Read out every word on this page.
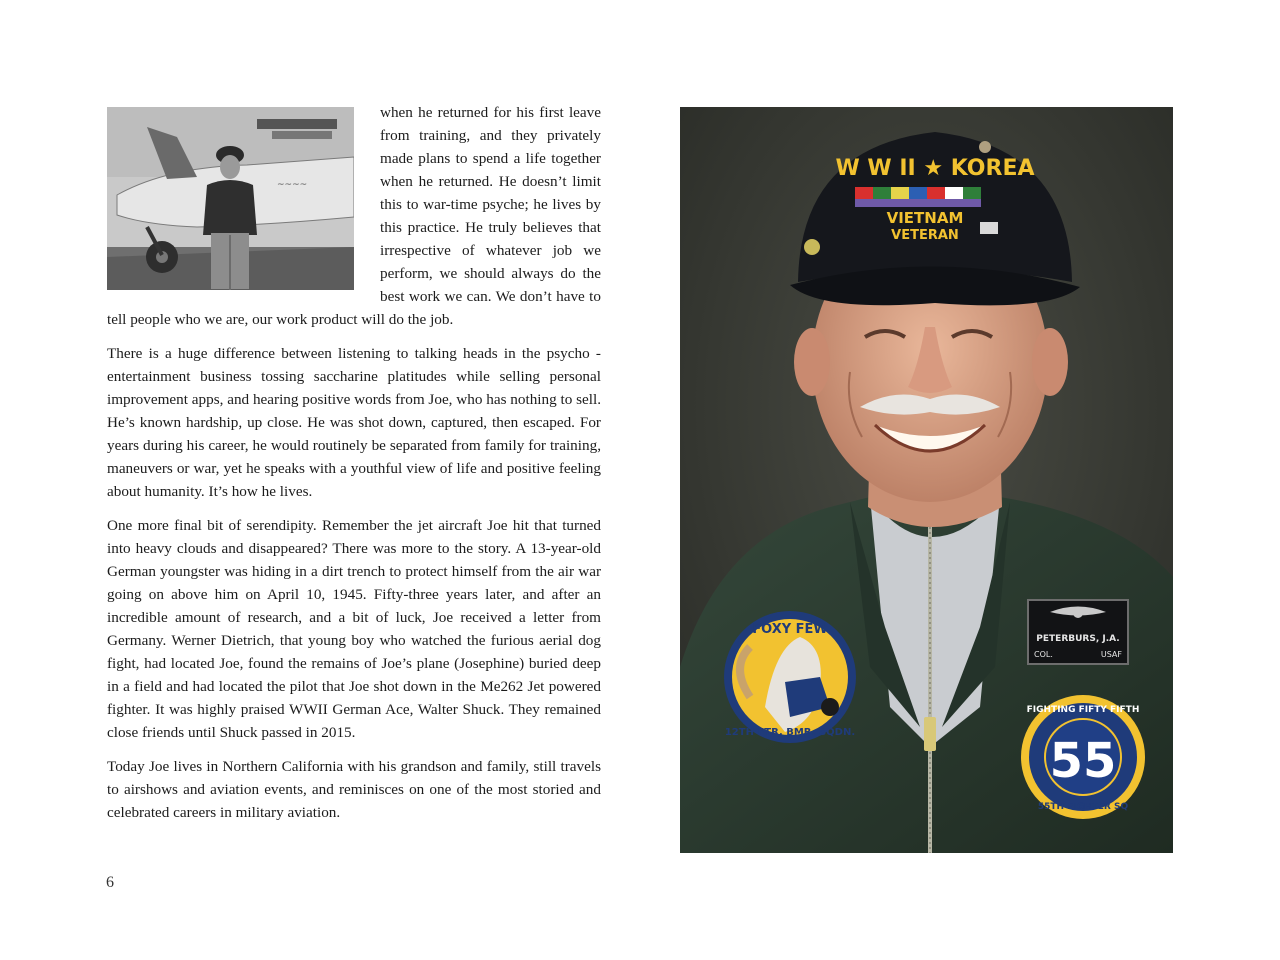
~~~~

when he returned for his first leave from training, and they privately made plans to spend a life together when he returned. He doesn’t limit this to war-time psyche; he lives by this practice. He truly believes that irrespective of whatever job we perform, we should always do the best work we can. We don’t have to tell people who we are, our work product will do the job.

There is a huge difference between listening to talking heads in the psycho -entertainment business tossing saccharine platitudes while selling personal improvement apps, and hearing positive words from Joe, who has nothing to sell. He’s known hardship, up close. He was shot down, captured, then escaped. For years during his career, he would routinely be separated from family for training, maneuvers or war, yet he speaks with a youthful view of life and positive feeling about humanity. It’s how he lives.

One more final bit of serendipity. Remember the jet aircraft Joe hit that turned into heavy clouds and disappeared? There was more to the story. A 13-year-old German youngster was hiding in a dirt trench to protect himself from the air war going on above him on April 10, 1945. Fifty-three years later, and after an incredible amount of research, and a bit of luck, Joe received a letter from Germany. Werner Dietrich, that young boy who watched the furious aerial dog fight, had located Joe, found the remains of Joe’s plane (Josephine) buried deep in a field and had located the pilot that Joe shot down in the Me262 Jet powered fighter. It was highly praised WWII German Ace, Walter Shuck. They remained close friends until Shuck passed in 2015.

Today Joe lives in Northern California with his grandson and family, still travels to airshows and aviation events, and reminisces on one of the most storied and celebrated careers in military aviation.

W W II ★ KOREA
VIETNAM
VETERAN
FOXY FEW
12TH FTR. BMR. SQDN.
PETERBURS, J.A.
COL.	USAF
55
FIGHTING FIFTY FIFTH
55TH FIGHTER SQ
6
